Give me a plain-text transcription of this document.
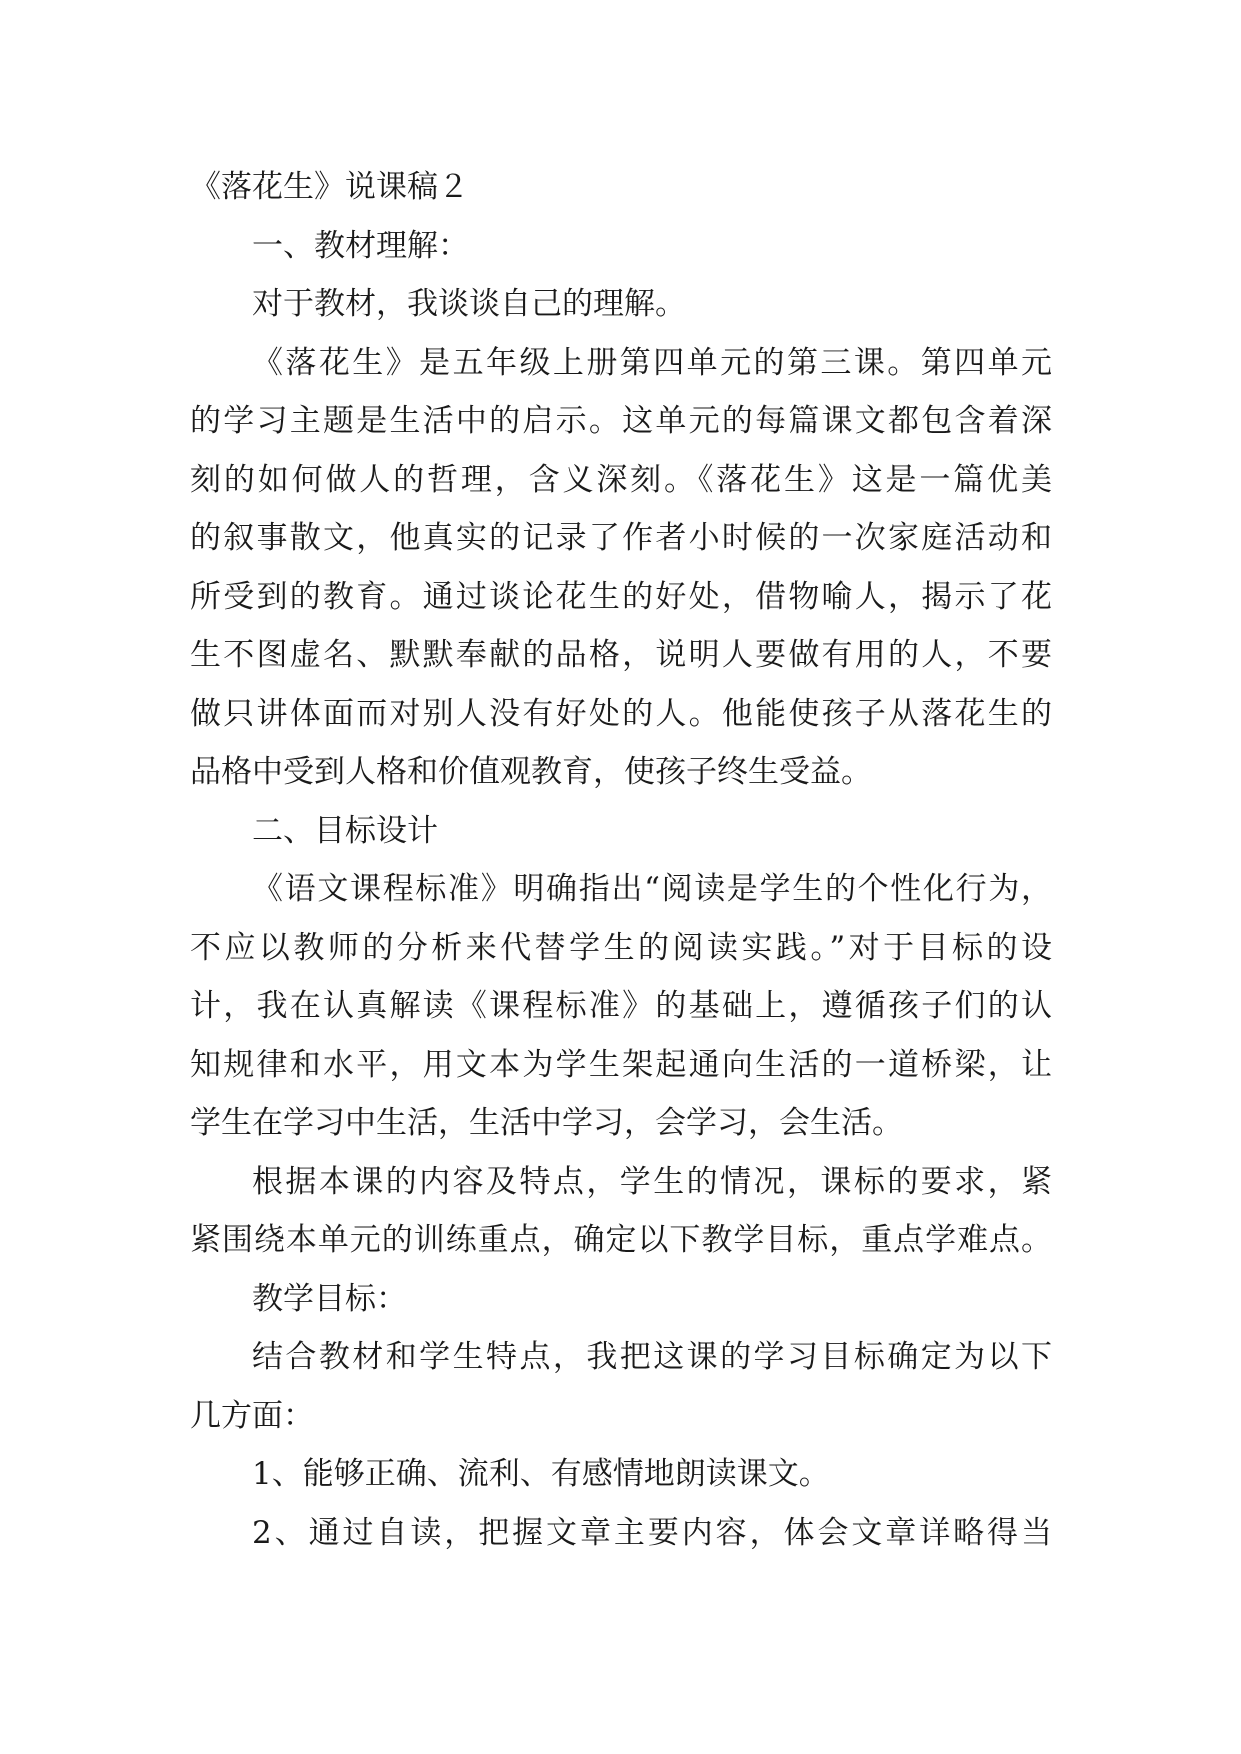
《落花生》说课稿２
一、教材理解：
对于教材，我谈谈自己的理解。
《落花生》是五年级上册第四单元的第三课。第四单元
的学习主题是生活中的启示。这单元的每篇课文都包含着深
刻的如何做人的哲理，含义深刻。《落花生》这是一篇优美
的叙事散文，他真实的记录了作者小时候的一次家庭活动和
所受到的教育。通过谈论花生的好处，借物喻人，揭示了花
生不图虚名、默默奉献的品格，说明人要做有用的人，不要
做只讲体面而对别人没有好处的人。他能使孩子从落花生的
品格中受到人格和价值观教育，使孩子终生受益。
二、目标设计
《语文课程标准》明确指出“阅读是学生的个性化行为，
不应以教师的分析来代替学生的阅读实践。”对于目标的设
计，我在认真解读《课程标准》的基础上，遵循孩子们的认
知规律和水平，用文本为学生架起通向生活的一道桥梁，让
学生在学习中生活，生活中学习，会学习，会生活。
根据本课的内容及特点，学生的情况，课标的要求，紧
紧围绕本单元的训练重点，确定以下教学目标，重点学难点。
教学目标：
结合教材和学生特点，我把这课的学习目标确定为以下
几方面：
1、能够正确、流利、有感情地朗读课文。
2、通过自读，把握文章主要内容，体会文章详略得当
